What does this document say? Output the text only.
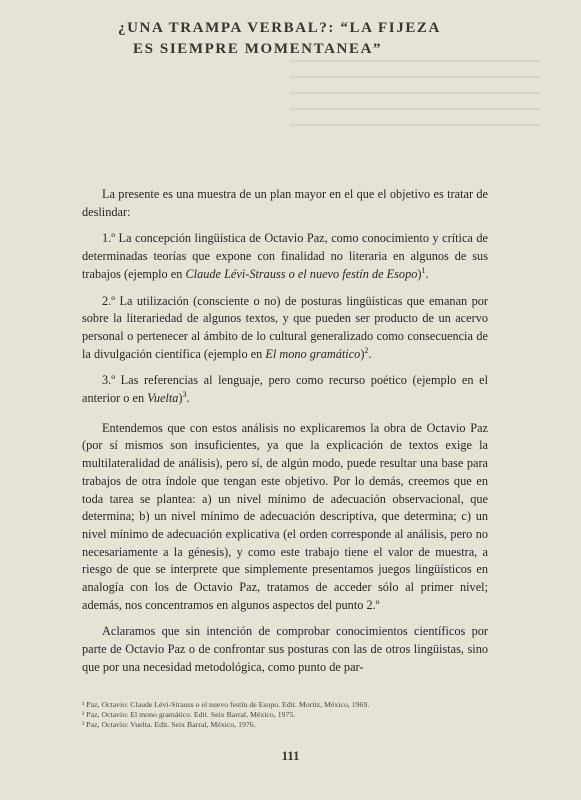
¿UNA TRAMPA VERBAL?: “LA FIJEZA
ES SIEMPRE MOMENTANEA”

La presente es una muestra de un plan mayor en el que el objetivo es tratar de deslindar:

1.º La concepción lingüística de Octavio Paz, como conocimiento y crítica de determinadas teorías que expone con finalidad no literaria en algunos de sus trabajos (ejemplo en Claude Lévi-Strauss o el nuevo festín de Esopo)$^1$.

2.º La utilización (consciente o no) de posturas lingüísticas que emanan por sobre la literariedad de algunos textos, y que pueden ser producto de un acervo personal o pertenecer al ámbito de lo cultural generalizado como consecuencia de la divulgación científica (ejemplo en El mono gramático)$^2$.

3.º Las referencias al lenguaje, pero como recurso poético (ejemplo en el anterior o en Vuelta)$^3$.

Entendemos que con estos análisis no explicaremos la obra de Octavio Paz (por sí mismos son insuficientes, ya que la explicación de textos exige la multilateralidad de análisis), pero sí, de algún modo, puede resultar una base para trabajos de otra índole que tengan este objetivo. Por lo demás, creemos que en toda tarea se plantea: a) un nivel mínimo de adecuación observacional, que determina; b) un nivel mínimo de adecuación descriptiva, que determina; c) un nivel mínimo de adecuación explicativa (el orden corresponde al análisis, pero no necesariamente a la génesis), y como este trabajo tiene el valor de muestra, a riesgo de que se interprete que simplemente presentamos juegos lingüísticos en analogía con los de Octavio Paz, tratamos de acceder sólo al primer nivel; además, nos concentramos en algunos aspectos del punto 2.º

Aclaramos que sin intención de comprobar conocimientos científicos por parte de Octavio Paz o de confrontar sus posturas con las de otros lingüistas, sino que por una necesidad metodológica, como punto de par-

¹ Paz, Octavio: Claude Lévi-Strauss o el nuevo festín de Esopo. Edit. Mortiz, México, 1969.
² Paz, Octavio: El mono gramático. Edit. Seix Barral, Méxic​o, 1975.
³ Paz, Octavio: Vuelta. Edit. Seix Barral, México, 1976.
111
